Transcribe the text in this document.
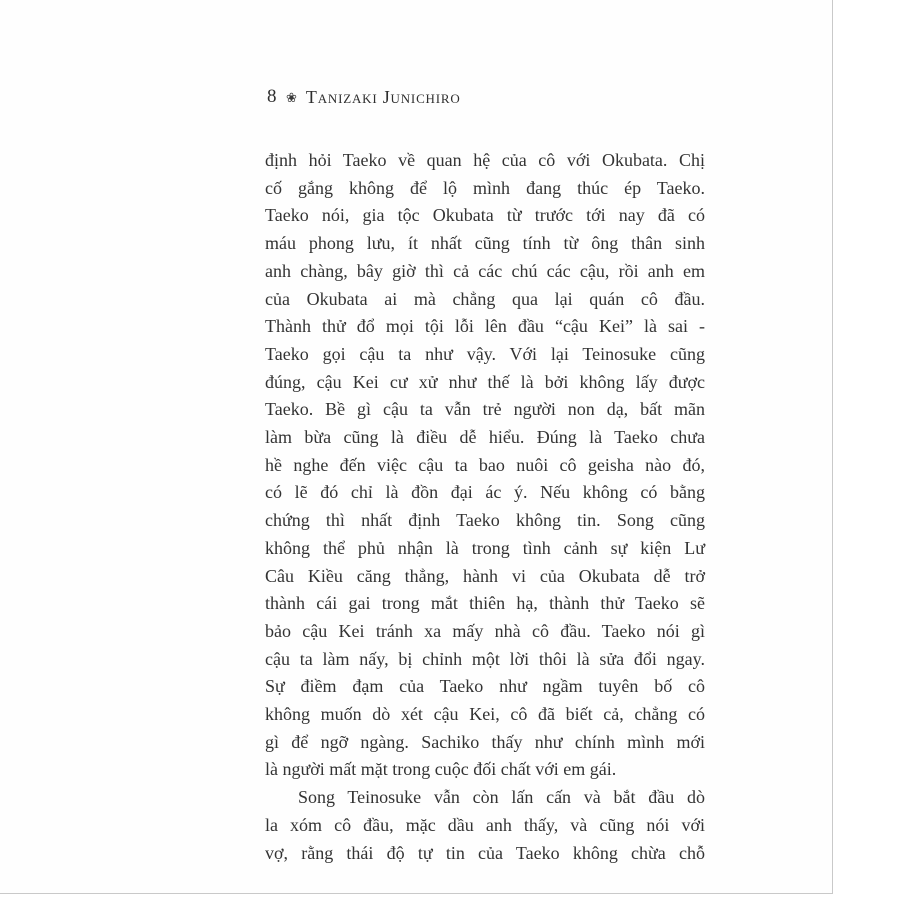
8 ❀ Tanizaki Junichiro
định hỏi Taeko về quan hệ của cô với Okubata. Chị
cố gắng không để lộ mình đang thúc ép Taeko.
Taeko nói, gia tộc Okubata từ trước tới nay đã có
máu phong lưu, ít nhất cũng tính từ ông thân sinh
anh chàng, bây giờ thì cả các chú các cậu, rồi anh em
của Okubata ai mà chẳng qua lại quán cô đầu.
Thành thử đổ mọi tội lỗi lên đầu “cậu Kei” là sai -
Taeko gọi cậu ta như vậy. Với lại Teinosuke cũng
đúng, cậu Kei cư xử như thế là bởi không lấy được
Taeko. Bề gì cậu ta vẫn trẻ người non dạ, bất mãn
làm bừa cũng là điều dễ hiểu. Đúng là Taeko chưa
hề nghe đến việc cậu ta bao nuôi cô geisha nào đó,
có lẽ đó chỉ là đồn đại ác ý. Nếu không có bằng
chứng thì nhất định Taeko không tin. Song cũng
không thể phủ nhận là trong tình cảnh sự kiện Lư
Câu Kiều căng thẳng, hành vi của Okubata dễ trở
thành cái gai trong mắt thiên hạ, thành thử Taeko sẽ
bảo cậu Kei tránh xa mấy nhà cô đầu. Taeko nói gì
cậu ta làm nấy, bị chỉnh một lời thôi là sửa đổi ngay.
Sự điềm đạm của Taeko như ngầm tuyên bố cô
không muốn dò xét cậu Kei, cô đã biết cả, chẳng có
gì để ngỡ ngàng. Sachiko thấy như chính mình mới
là người mất mặt trong cuộc đối chất với em gái.
Song Teinosuke vẫn còn lấn cấn và bắt đầu dò
la xóm cô đầu, mặc dầu anh thấy, và cũng nói với
vợ, rằng thái độ tự tin của Taeko không chừa chỗ
